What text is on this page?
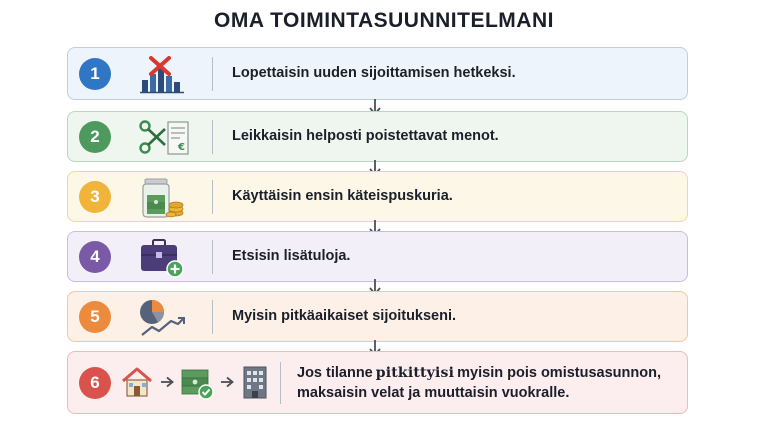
OMA TOIMINTASUUNNITELMANI
1	Lopettaisin uuden sijoittamisen hetkeksi.
2
€
Leikkaisin helposti poistettavat menot.
3	Käyttäisin ensin käteispuskuria.
4	Etsisin lisätuloja.
5	Myisin pitkäaikaiset sijoitukseni.
6	Jos tilanne pitkittyisi myisin pois omistusasunnon,
maksaisin velat ja muuttaisin vuokralle.
